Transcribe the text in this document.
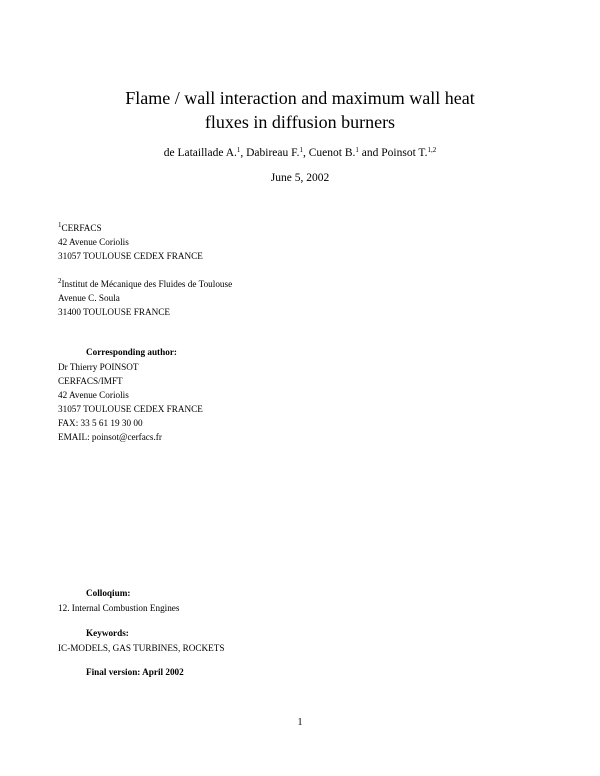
Flame / wall interaction and maximum wall heat
fluxes in diffusion burners
de Lataillade A.$^1$, Dabireau F.$^1$, Cuenot B.$^1$ and Poinsot T.$^{1,2}$
June 5, 2002
$^1$CERFACS
42 Avenue Coriolis
31057 TOULOUSE CEDEX FRANCE
$^2$Institut de Mécanique des Fluides de Toulouse
Avenue C. Soula
31400 TOULOUSE FRANCE
Corresponding author:
Dr Thierry POINSOT
CERFACS/IMFT
42 Avenue Coriolis
31057 TOULOUSE CEDEX FRANCE
FAX: 33 5 61 19 30 00
EMAIL: poinsot@cerfacs.fr
Colloqium:
12. Internal Combustion Engines
Keywords:
IC-MODELS, GAS TURBINES, ROCKETS
Final version: April 2002
1
